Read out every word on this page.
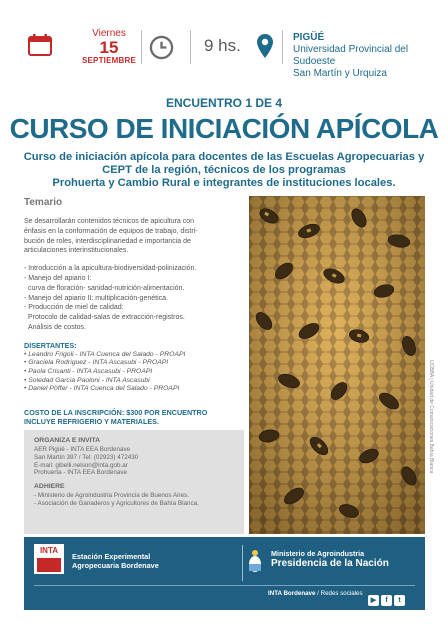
Viernes
15
SEPTIEMBRE
9 hs.	PIGÜÉ
Universidad Provincial del Sudoeste
San Martín y Urquiza
ENCUENTRO 1 DE 4
CURSO DE INICIACIÓN APÍCOLA
Curso de iniciación apícola para docentes de las Escuelas Agropecuarias y
CEPT de la región, técnicos de los programas
Prohuerta y Cambio Rural e integrantes de instituciones locales.
Temario
Se desarrollarán contenidos técnicos de apicultura con
énfasis en la conformación de equipos de trabajo, distri-
bución de roles, interdisciplinariedad e importancia de
articulaciones interinstitucionales.
- Introducción a la apicultura-biodiversidad-polinización.
- Manejo del apiario I:
curva de floración- sanidad-nutrición-alimentación.
- Manejo del apiario II: multiplicación-genética.
- Producción de miel de calidad:
Protocolo de calidad-salas de extracción-registros.
Análisis de costos.
DISERTANTES:
• Leandro Frigoli - INTA Cuenca del Salado - PROAPI
• Graciela Rodriguez - INTA Ascasubi - PROAPI
• Paola Crisanti - INTA Ascasubi - PROAPI
• Soledad Garcia Paoloni - INTA Ascasubi
• Daniel Pöffer - INTA Cuenca del Salado - PROAPI
COSTO DE LA INSCRIPCIÓN: $300 POR ENCUENTRO
INCLUYE REFRIGERIO Y MATERIALES.	UCBBA | Unidad de Comunicaciones Bahía Blanca
ORGANIZA E INVITA
AER Pigüé - INTA EEA Bordenave
San Martín 397 / Tel: (02923) 472430
E-mail: gibelli.nelson@inta.gob.ar
Prohuerta - INTA EEA Bordenave
ADHIERE
- Ministerio de Agroindustria Provincia de Buenos Aires.
- Asociación de Ganaderos y Agricultores de Bahía Blanca.
INTA
Estación Experimental
Agropecuaria Bordenave
Ministerio de Agroindustria
Presidencia de la Nación
INTA Bordenave / Redes sociales
▶ f t
